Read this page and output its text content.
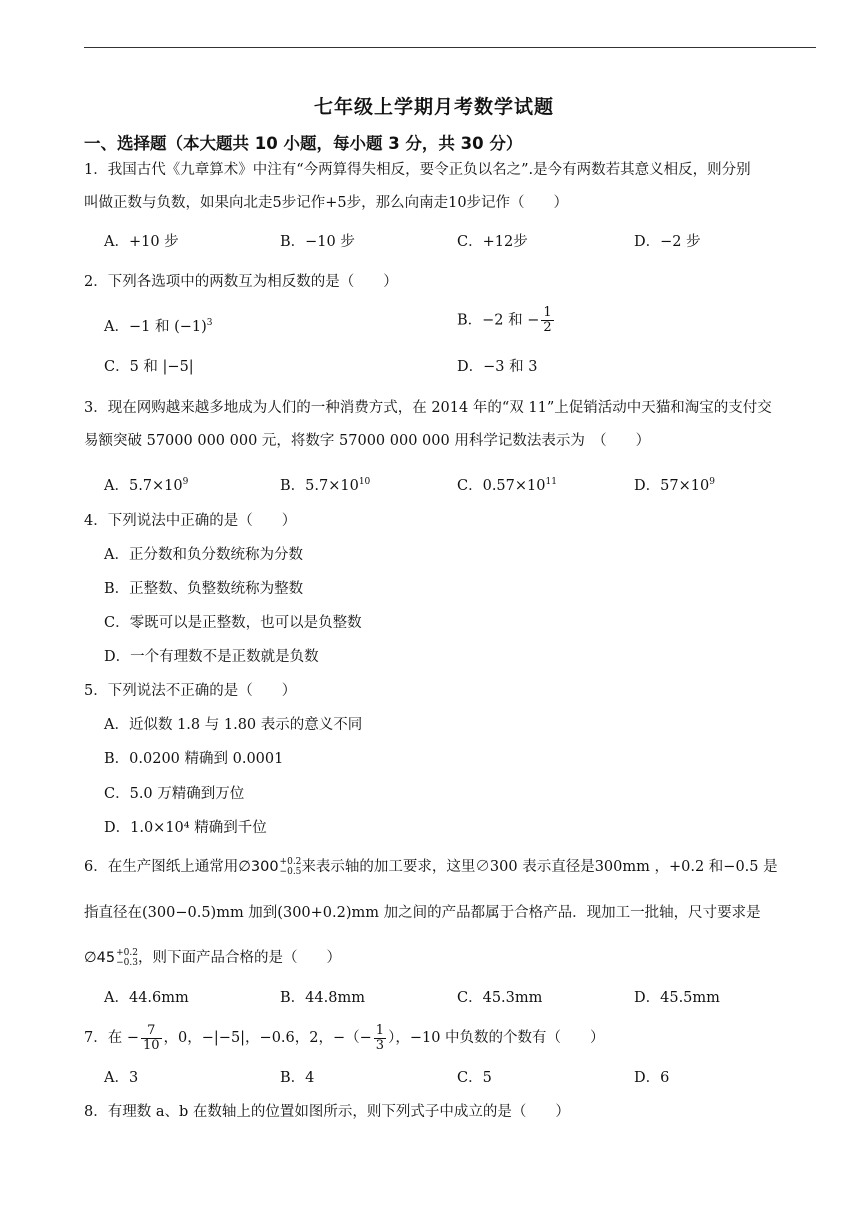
七年级上学期月考数学试题
一、选择题（本大题共 10 小题，每小题 3 分，共 30 分）
1．我国古代《九章算术》中注有“今两算得失相反，要令正负以名之”.是今有两数若其意义相反，则分别
叫做正数与负数，如果向北走5步记作+5步，那么向南走10步记作（　　）
A．+10 步	B．−10 步	C．+12步	D．−2 步
2．下列各选项中的两数互为相反数的是（　　）
A．−1 和 $(-1)^3$	B．−2 和 − $\frac{1}{2}$
C．5 和 |−5|	D．−3 和 3
3．现在网购越来越多地成为人们的一种消费方式，在 2014 年的“双 11”上促销活动中天猫和淘宝的支付交
易额突破 57000 000 000 元，将数字 57000 000 000 用科学记数法表示为　（　　）
A．$5.7\times 10^9$	B．$5.7\times 10^{10}$	C．$0.57\times 10^{11}$	D．$57\times 10^9$
4．下列说法中正确的是（　　）
A．正分数和负分数统称为分数
B．正整数、负整数统称为整数
C．零既可以是正整数，也可以是负整数
D．一个有理数不是正数就是负数
5．下列说法不正确的是（　　）
A．近似数 1.8 与 1.80 表示的意义不同
B．0.0200 精确到 0.0001
C．5.0 万精确到万位
D．1.0×10⁴ 精确到千位
6．在生产图纸上通常用∅300 +0.2
−0.5 来表示轴的加工要求，这里∅300 表示直径是300mm ，+0.2 和−0.5 是
指直径在(300−0.5)mm 加到(300+0.2)mm 加之间的产品都属于合格产品．现加工一批轴，尺寸要求是
∅45 +0.2
−0.3 ，则下面产品合格的是（　　）
A．44.6mm	B．44.8mm	C．45.3mm	D．45.5mm
7．在 − $\frac{7}{10}$ ，0，−|−5|，−0.6，2，−（− $\frac{1}{3}$ ），−10 中负数的个数有（　　）
A．3	B．4	C．5	D．6
8．有理数 a、b 在数轴上的位置如图所示，则下列式子中成立的是（　　）
